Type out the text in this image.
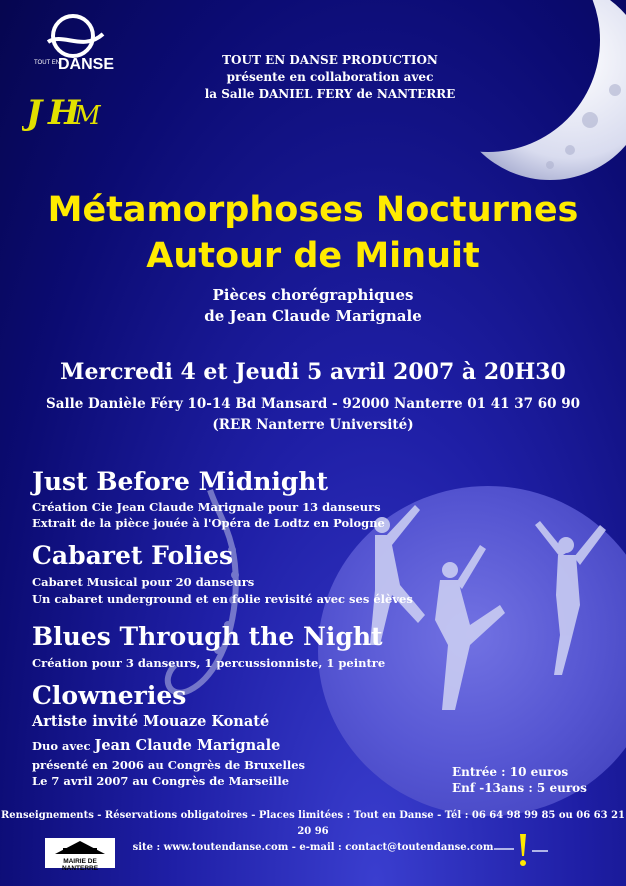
TOUT EN
DANSE
J H
M
TOUT EN DANSE PRODUCTION
présente en collaboration avec
la Salle DANIEL FERY de NANTERRE
Métamorphoses Nocturnes
Autour de Minuit
Pièces chorégraphiques
de Jean Claude Marignale
Mercredi 4 et Jeudi 5 avril 2007 à 20H30
Salle Danièle Féry 10-14 Bd Mansard - 92000 Nanterre 01 41 37 60 90
(RER Nanterre Université)
Just Before Midnight
Création Cie Jean Claude Marignale pour 13 danseurs
Extrait de la pièce jouée à l'Opéra de Lodtz en Pologne
Cabaret Folies
Cabaret Musical pour 20 danseurs
Un cabaret underground et en folie revisité avec ses élèves
Blues Through the Night
Création pour 3 danseurs, 1 percussionniste, 1 peintre
Clowneries
Artiste invité Mouaze Konaté
Duo avec Jean Claude Marignale
présenté en 2006 au Congrès de Bruxelles
Le 7 avril 2007 au Congrès de Marseille
Entrée : 10 euros
Enf -13ans : 5 euros
Renseignements - Réservations obligatoires - Places limitées : Tout en Danse - Tél : 06 64 98 99 85 ou 06 63 21 20 96
site : www.toutendanse.com - e-mail : contact@toutendanse.com
MAIRIE DE NANTERRE
